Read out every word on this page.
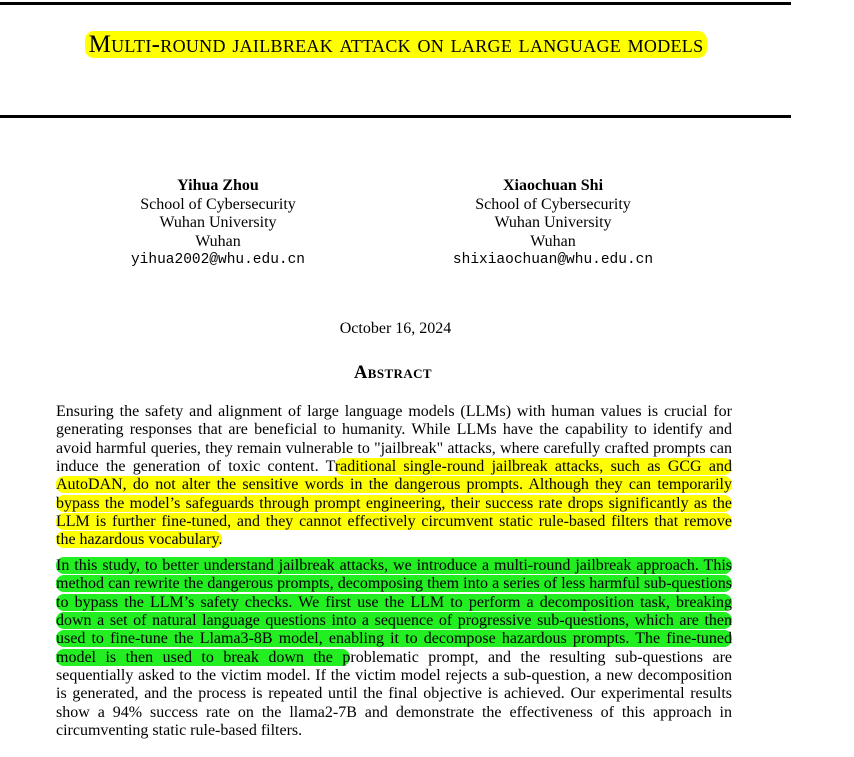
Multi-round jailbreak attack on large language models
Yihua Zhou
School of Cybersecurity
Wuhan University
Wuhan
yihua2002@whu.edu.cn
Xiaochuan Shi
School of Cybersecurity
Wuhan University
Wuhan
shixiaochuan@whu.edu.cn
October 16, 2024
Abstract

Ensuring the safety and alignment of large language models (LLMs) with human values is crucial for generating responses that are beneficial to humanity. While LLMs have the capability to identify and avoid harmful queries, they remain vulnerable to "jailbreak" attacks, where carefully crafted prompts can induce the generation of toxic content. Traditional single-round jailbreak attacks, such as GCG and AutoDAN, do not alter the sensitive words in the dangerous prompts. Although they can temporarily bypass the model’s safeguards through prompt engineering, their success rate drops significantly as the LLM is further fine-tuned, and they cannot effectively circumvent static rule-based filters that remove the hazardous vocabulary.

In this study, to better understand jailbreak attacks, we introduce a multi-round jailbreak approach. This method can rewrite the dangerous prompts, decomposing them into a series of less harmful sub-questions to bypass the LLM’s safety checks. We first use the LLM to perform a decomposition task, breaking down a set of natural language questions into a sequence of progressive sub-questions, which are then used to fine-tune the Llama3-8B model, enabling it to decompose hazardous prompts. The fine-tuned model is then used to break down the problematic prompt, and the resulting sub-questions are sequentially asked to the victim model. If the victim model rejects a sub-question, a new decomposition is generated, and the process is repeated until the final objective is achieved. Our experimental results show a 94% success rate on the llama2-7B and demonstrate the effectiveness of this approach in circumventing static rule-based filters.
